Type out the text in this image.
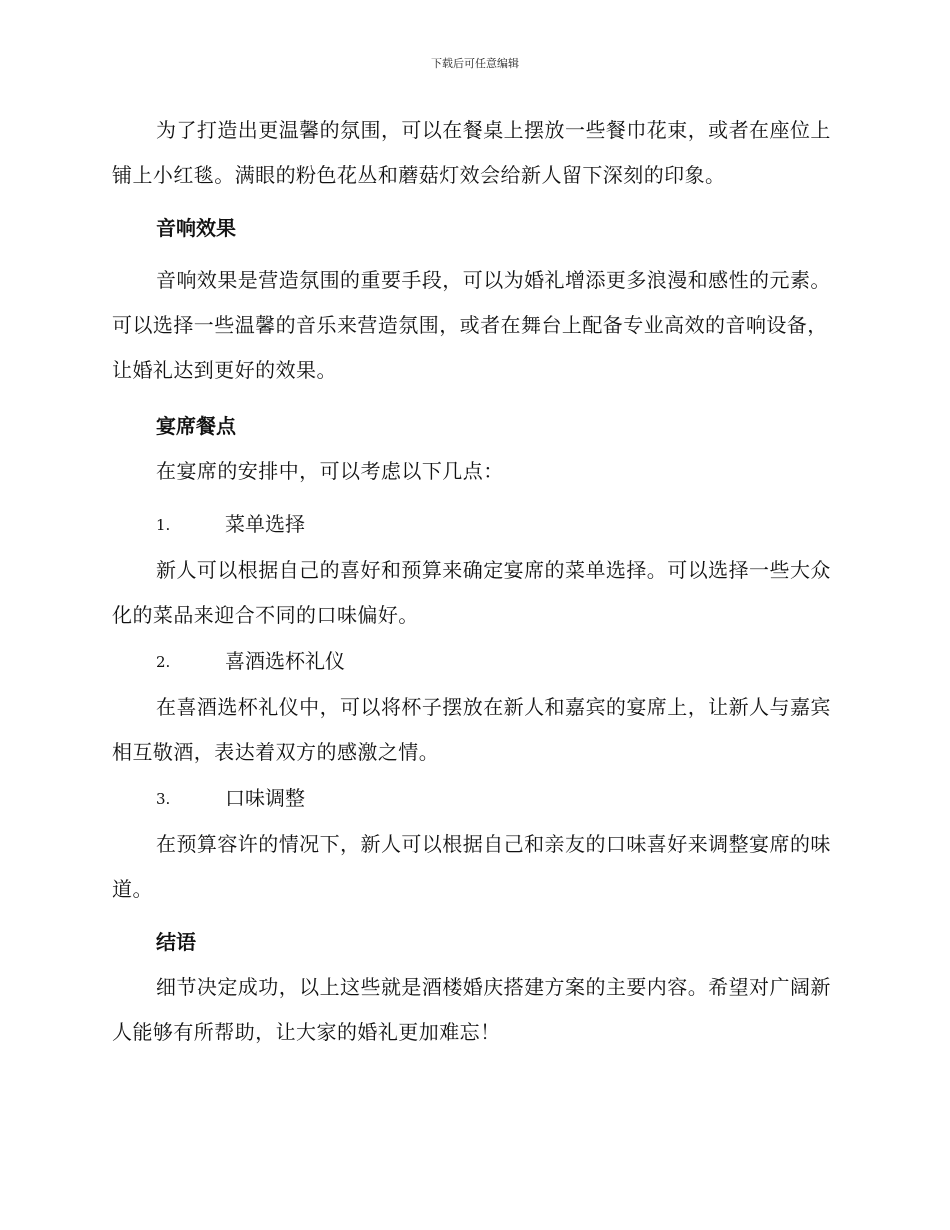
下载后可任意编辑

为了打造出更温馨的氛围，可以在餐桌上摆放一些餐巾花束，或者在座位上铺上小红毯。满眼的粉色花丛和蘑菇灯效会给新人留下深刻的印象。

音响效果

音响效果是营造氛围的重要手段，可以为婚礼增添更多浪漫和感性的元素。可以选择一些温馨的音乐来营造氛围，或者在舞台上配备专业高效的音响设备，让婚礼达到更好的效果。

宴席餐点

在宴席的安排中，可以考虑以下几点：

1.	菜单选择

新人可以根据自己的喜好和预算来确定宴席的菜单选择。可以选择一些大众化的菜品来迎合不同的口味偏好。

2.	喜酒选杯礼仪

在喜酒选杯礼仪中，可以将杯子摆放在新人和嘉宾的宴席上，让新人与嘉宾相互敬酒，表达着双方的感激之情。

3.	口味调整

在预算容许的情况下，新人可以根据自己和亲友的口味喜好来调整宴席的味道。

结语

细节决定成功，以上这些就是酒楼婚庆搭建方案的主要内容。希望对广阔新人能够有所帮助，让大家的婚礼更加难忘！
